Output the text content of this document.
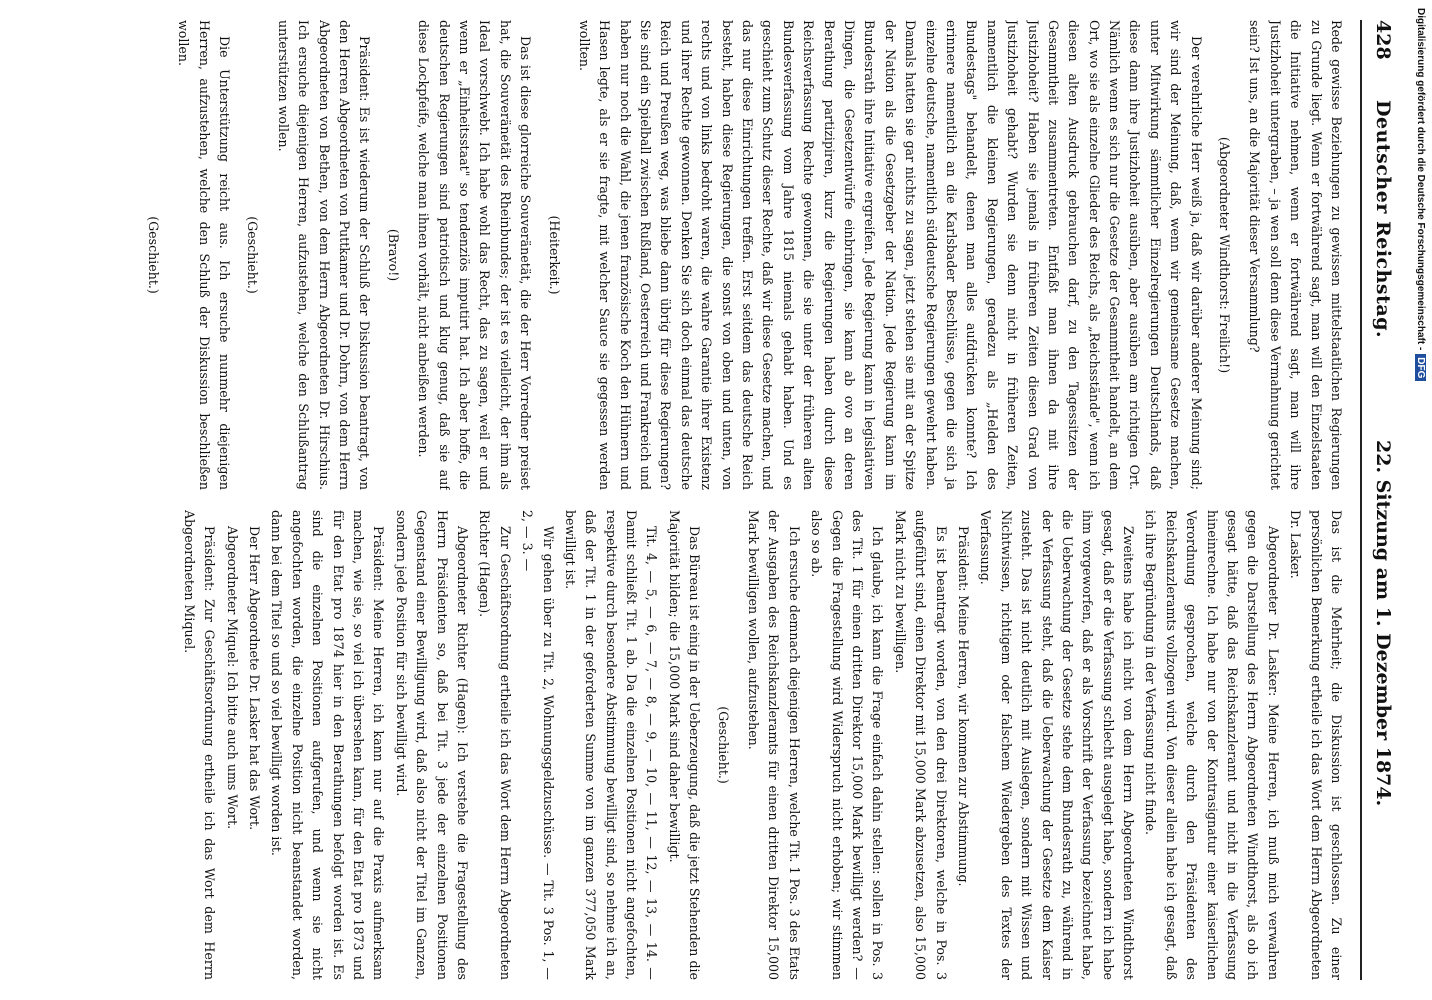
428
Deutscher Reichstag.
22. Sitzung am 1. Dezember 1874.

Rede gewisse Beziehungen zu gewissen mittelstaatlichen Regierungen zu Grunde liegt. Wenn er fortwährend sagt, man will den Einzelstaaten die Initiative nehmen, wenn er fortwährend sagt, man will ihre Justizhoheit untergraben, – ja wen soll denn diese Vermahnung gerichtet sein? Ist uns, an die Majorität dieser Versammlung?

(Abgeordneter Windthorst: Freilich!)

Der verehrliche Herr weiß ja, daß wir darüber anderer Meinung sind; wir sind der Meinung, daß, wenn wir gemeinsame Gesetze machen, unter Mitwirkung sämmtlicher Einzelregierungen Deutschlands, daß diese dann ihre Justizhoheit ausüben, aber ausüben am richtigen Ort. Nämlich wenn es sich nur die Gesetze der Gesammtheit handelt, an dem Ort, wo sie als einzelne Glieder des Reichs, als „Reichsstände", wenn ich diesen alten Ausdruck gebrauchen darf, zu den Tagessitzen der Gesammtheit zusammentreten. Entfaßt man ihnen da mit ihre Justizhoheit? Haben sie jemals in früheren Zeiten diesen Grad von Justizhoheit gehabt? Wurden sie denn nicht in früheren Zeiten, namentlich die kleinen Regierungen, geradezu als „Helden des Bundestags" behandelt, denen man alles aufdrücken konnte? Ich erinnere namentlich an die Karlsbader Beschlüsse, gegen die sich ja einzelne deutsche, namentlich süddeutsche Regierungen gewehrt haben. Damals hatten sie gar nichts zu sagen, jetzt stehen sie mit an der Spitze der Nation als die Gesetzgeber der Nation. Jede Regierung kann im Bundesrath ihre Initiative ergreifen. Jede Regierung kann in legislativen Dingen, die Gesetzentwürfe einbringen, sie kann ab ovo an deren Berathung partizipiren, kurz die Regierungen haben durch diese Reichsverfassung Rechte gewonnen, die sie unter der früheren alten Bundesverfassung vom Jahre 1815 niemals gehabt haben. Und es geschieht zum Schutz dieser Rechte, daß wir diese Gesetze machen, und das nur diese Einrichtungen treffen. Erst seitdem das deutsche Reich besteht, haben diese Regierungen, die sonst von oben und unten, von rechts und von links bedroht waren, die wahre Garantie ihrer Existenz und ihrer Rechte gewonnen. Denken Sie sich doch einmal das deutsche Reich und Preußen weg, was bliebe dann übrig für diese Regierungen? Sie sind ein Spielball zwischen Rußland, Oesterreich und Frankreich und haben nur noch die Wahl, die jenen französische Koch den Hühnern und Hasen legte, als er sie fragte, mit welcher Sauce sie gegessen werden wollten.

(Heiterkeit.)

Das ist diese glorreiche Souveränetät, die der Herr Vorredner preiset hat, die Souveränetät des Rheinbundes; der ist es vielleicht, der ihm als Ideal vorschwebt. Ich habe wohl das Recht, das zu sagen, weil er und wenn er „Einheitsstaat" so tendenziös imputirt hat. Ich aber hoffe, die deutschen Regierungen sind patriotisch und klug genug, daß sie auf diese Lockpfeife, welche man ihnen vorhält, nicht anbeißen werden.

(Bravo!)

Präsident: Es ist wiederum der Schluß der Diskussion beantragt, von den Herren Abgeordneten von Puttkamer und Dr. Dohrn, von dem Herrn Abgeordneten von Bethen, von dem Herrn Abgeordneten Dr. Hirschius. Ich ersuche diejenigen Herren, aufzustehen, welche den Schlußantrag unterstützen wollen.

(Geschieht.)

Die Unterstützung reicht aus. Ich ersuche nunmehr diejenigen Herren, aufzustehen, welche den Schluß der Diskussion beschließen wollen.

(Geschieht.)

Das ist die Mehrheit; die Diskussion ist geschlossen. Zu einer persönlichen Bemerkung ertheile ich das Wort dem Herrn Abgeordneten Dr. Lasker.

Abgeordneter Dr. Lasker: Meine Herren, ich muß mich verwahren gegen die Darstellung des Herrn Abgeordneten Windthorst, als ob ich gesagt hätte, daß das Reichskanzleramt und nicht in die Verfassung hineinrechne. Ich habe nur von der Kontrasignatur einer kaiserlichen Verordnung gesprochen, welche durch den Präsidenten des Reichskanzleramts vollzogen wird. Von dieser allein habe ich gesagt, daß ich ihre Begründung in der Verfassung nicht finde.

Zweitens habe ich nicht von dem Herrn Abgeordneten Windthorst gesagt, daß er die Verfassung schlecht ausgelegt habe, sondern ich habe ihm vorgeworfen, daß er als Vorschrift der Verfassung bezeichnet habe, die Ueberwachung der Gesetze stehe dem Bundesrath zu, während in der Verfassung steht, daß die Ueberwachung der Gesetze dem Kaiser zusteht. Das ist nicht deutlich mit Auslegen, sondern mit Wissen und Nichtwissen, richtigem oder falschem Wiedergeben des Textes der Verfassung.

Präsident: Meine Herren, wir kommen zur Abstimmung.

Es ist beantragt worden, von den drei Direktoren, welche in Pos. 3 aufgeführt sind, einen Direktor mit 15,000 Mark abzusetzen, also 15,000 Mark nicht zu bewilligen.

Ich glaube, ich kann die Frage einfach dahin stellen: sollen in Pos. 3 des Tit. 1 für einen dritten Direktor 15,000 Mark bewilligt werden? — Gegen die Fragestellung wird Widerspruch nicht erhoben; wir stimmen also so ab.

Ich ersuche demnach diejenigen Herren, welche Tit. 1 Pos. 3 des Etats der Ausgaben des Reichskanzleramts für einen dritten Direktor 15,000 Mark bewilligen wollen, aufzustehen.

(Geschieht.)

Das Büreau ist einig in der Ueberzeugung, daß die jetzt Stehenden die Majorität bilden; die 15,000 Mark sind daher bewilligt.

Tit. 4, — 5, — 6, — 7, — 8, — 9, — 10, — 11, — 12, — 13, — 14. — Damit schließt Tit. 1 ab. Da die einzelnen Positionen nicht angefochten, respektive durch besondere Abstimmung bewilligt sind, so nehme ich an, daß der Tit. 1 in der geforderten Summe von im ganzen 377,050 Mark bewilligt ist.

Wir gehen über zu Tit. 2, Wohnungsgeldzuschüsse. — Tit. 3 Pos. 1, — 2, — 3. —

Zur Geschäftsordnung ertheile ich das Wort dem Herrn Abgeordneten Richter (Hagen).

Abgeordneter Richter (Hagen): Ich verstehe die Fragestellung des Herrn Präsidenten so, daß bei Tit. 3 jede der einzelnen Positionen Gegenstand einer Bewilligung wird, daß also nicht der Titel im Ganzen, sondern jede Position für sich bewilligt wird.

Präsident: Meine Herren, ich kann nur auf die Praxis aufmerksam machen, wie sie, so viel ich übersehen kann, für den Etat pro 1873 und für den Etat pro 1874 hier in den Berathungen befolgt worden ist. Es sind die einzelnen Positionen aufgerufen, und wenn sie nicht angefochten worden, die einzelne Position nicht beanstandet worden, dann bei dem Titel so und so viel bewilligt worden ist.

Der Herr Abgeordnete Dr. Lasker hat das Wort.

Abgeordneter Miquel: Ich bitte auch ums Wort.

Präsident: Zur Geschäftsordnung ertheile ich das Wort dem Herrn Abgeordneten Miquel.

Digitalisierung gefördert durch die Deutsche Forschungsgemeinschaft -DFG
